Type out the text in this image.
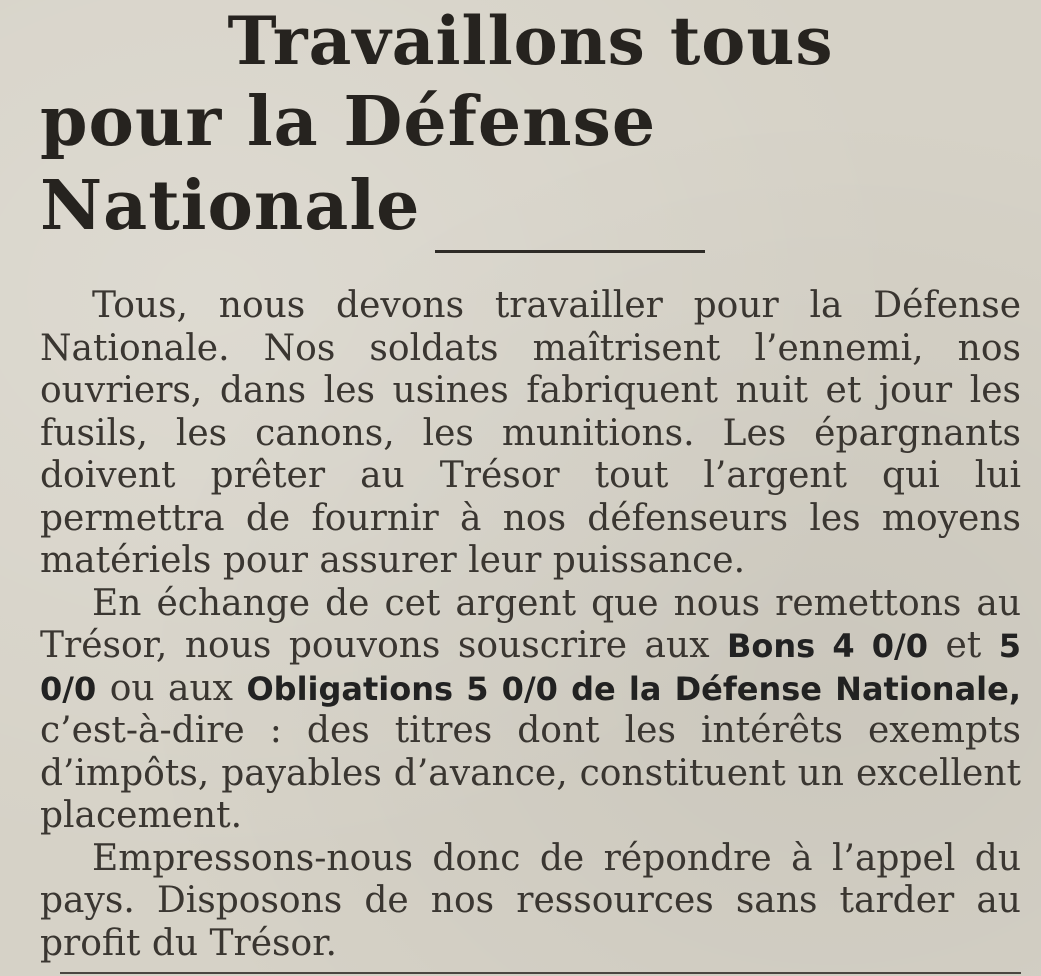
Travaillons tous
pour la Défense Nationale

Tous, nous devons travailler pour la Défense Nationale. Nos soldats maîtrisent l’ennemi, nos ouvriers, dans les usines fabriquent nuit et jour les fusils, les canons, les munitions. Les épargnants doivent prêter au Trésor tout l’argent qui lui permettra de fournir à nos défenseurs les moyens matériels pour assurer leur puissance.

En échange de cet argent que nous remettons au Trésor, nous pouvons souscrire aux Bons 4 0/0 et 5 0/0 ou aux Obligations 5 0/0 de la Défense Nationale, c’est-à-dire : des titres dont les intérêts exempts d’impôts, payables d’avance, constituent un excellent placement.

Empressons-nous donc de répondre à l’appel du pays. Disposons de nos ressources sans tarder au profit du Trésor.
